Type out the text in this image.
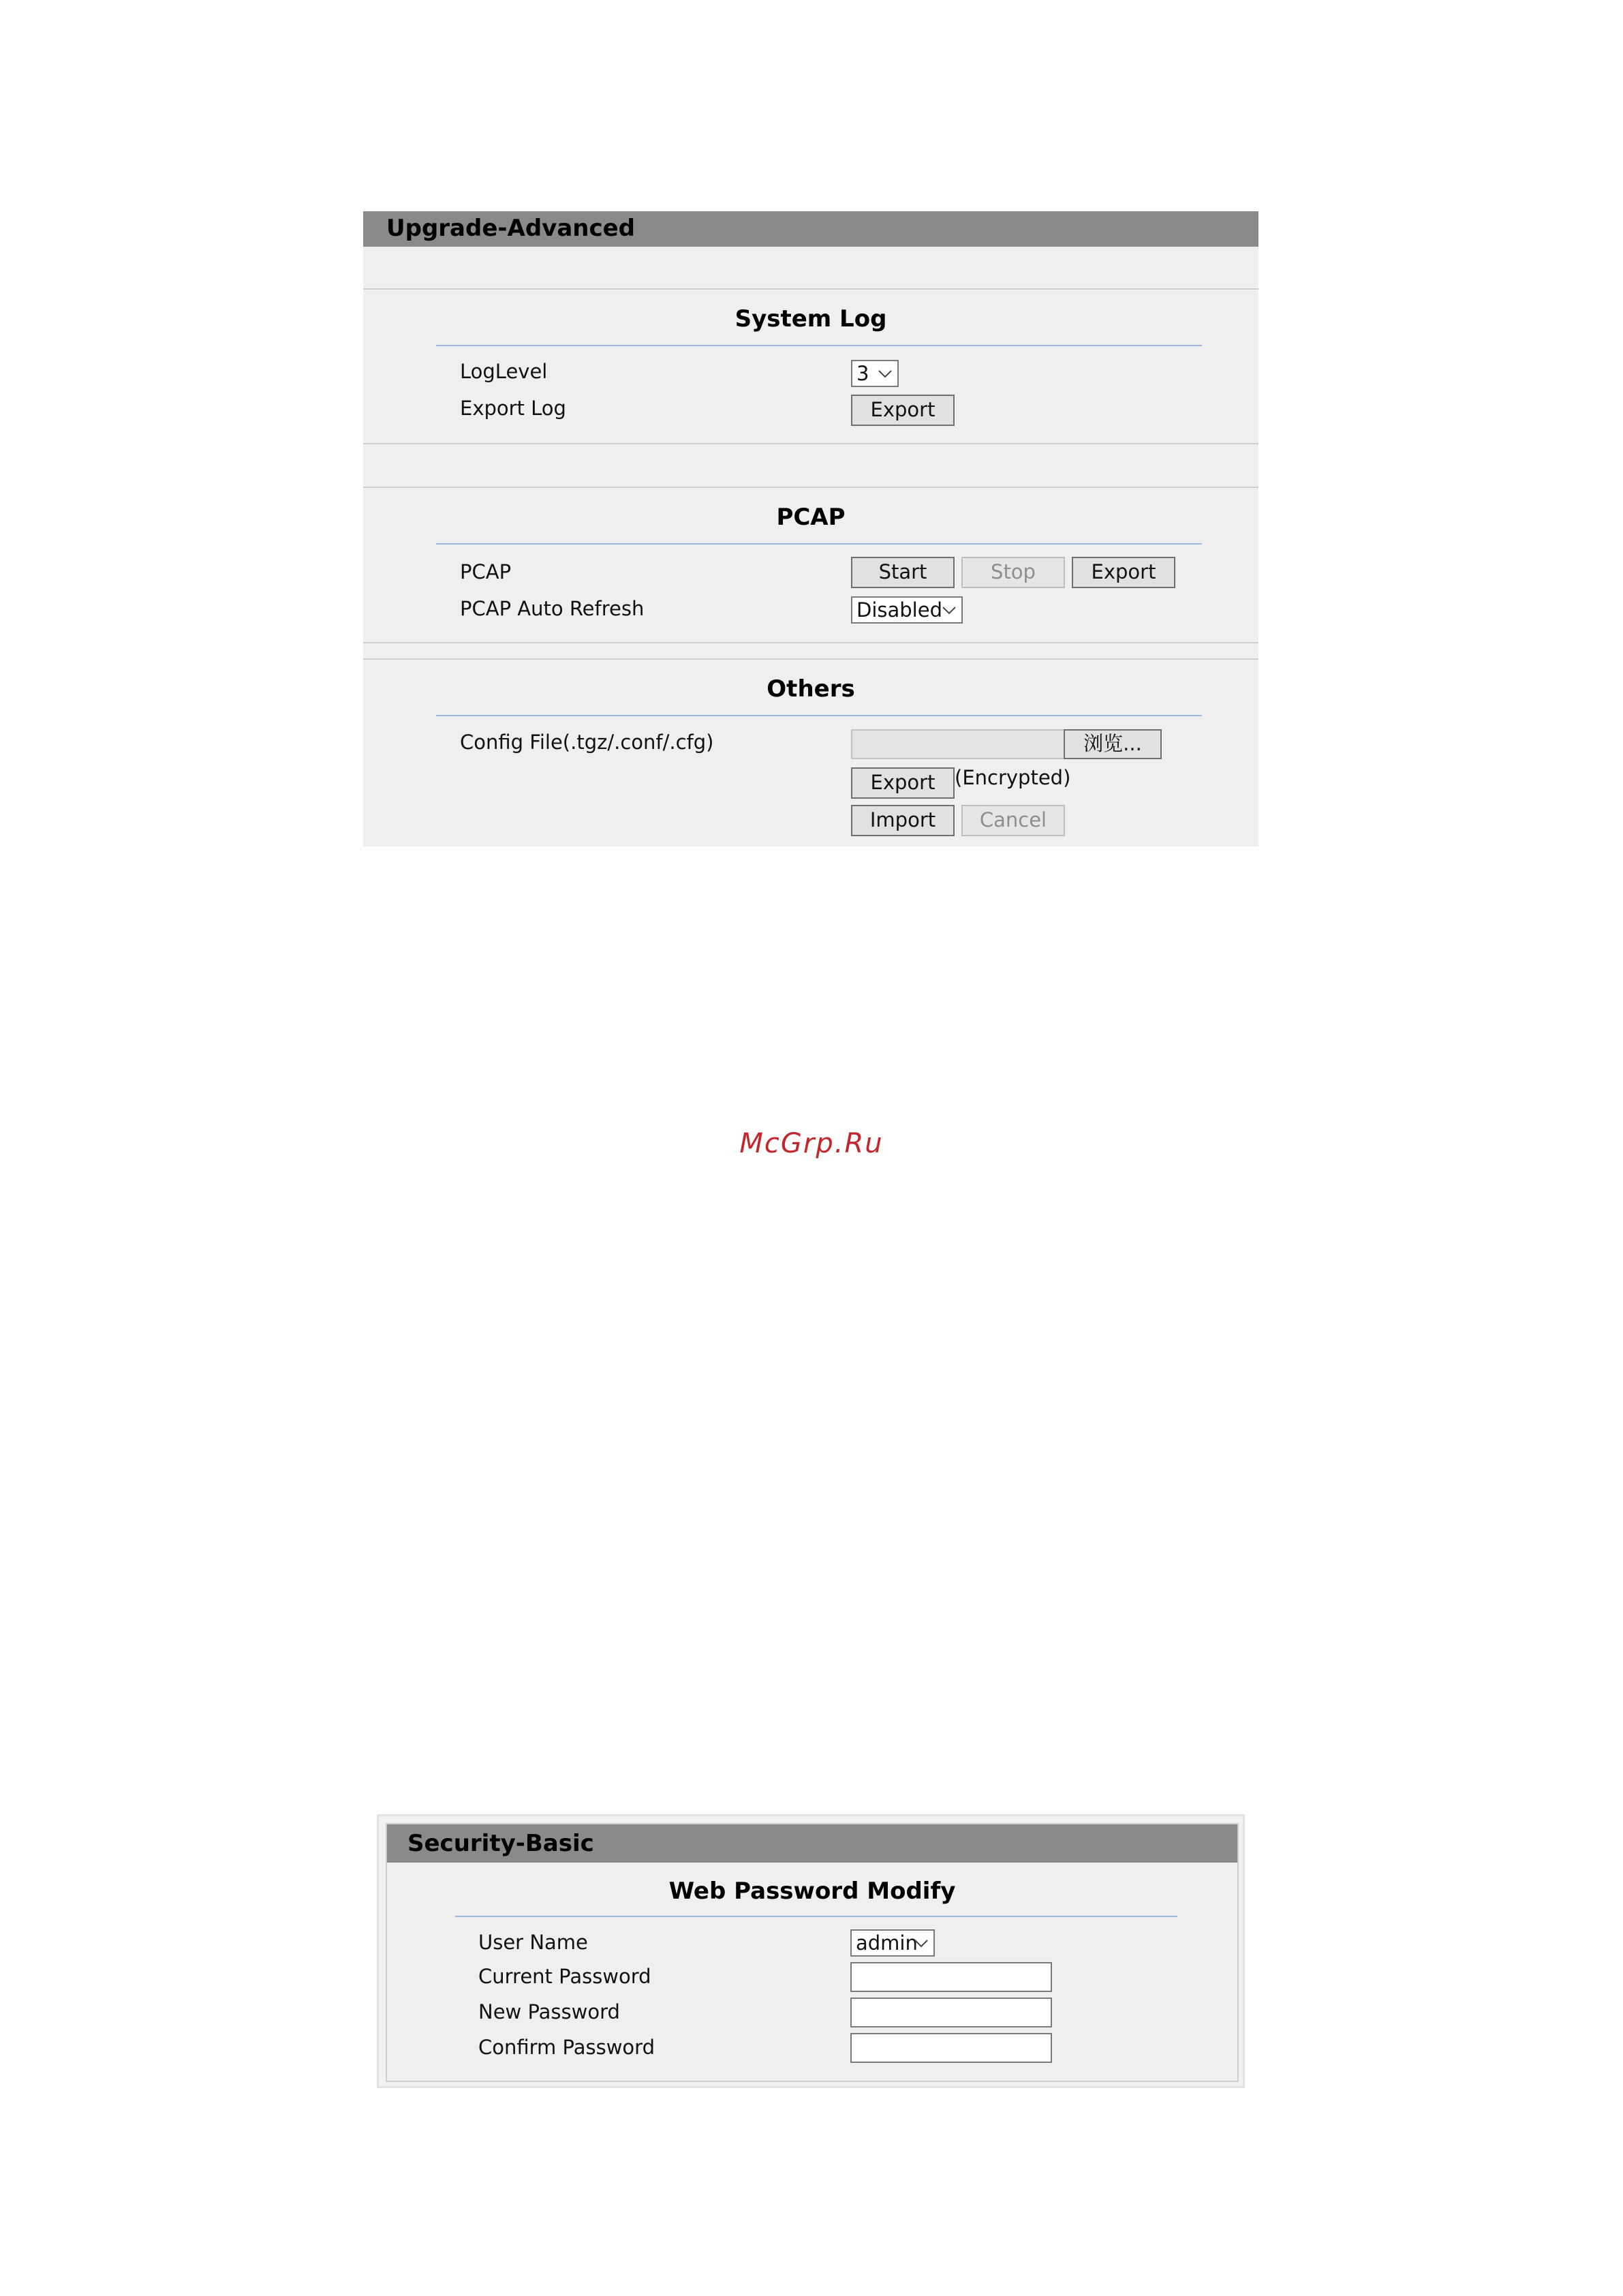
Upgrade-Advanced
System Log
LogLevel	3
Export Log	Export
PCAP
PCAP	Start	Stop	Export
PCAP Auto Refresh	Disabled
Others
Config File(.tgz/.conf/.cfg)	浏览...
Export (Encrypted)
Import	Cancel
McGrp.Ru
Security-Basic
Web Password Modify
User Name	admin
Current Password
New Password
Confirm Password
